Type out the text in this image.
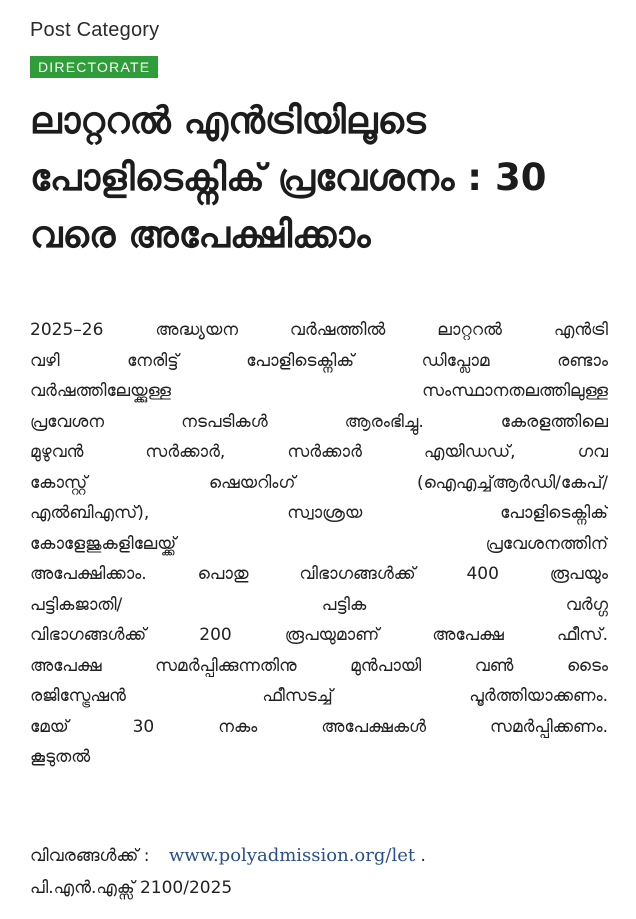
Post Category
DIRECTORATE
ലാറ്ററൽ എൻട്രിയിലൂടെ പോളിടെക്നിക് പ്രവേശനം : 30 വരെ അപേക്ഷിക്കാം
2025–26 അദ്ധ്യയന വർഷത്തിൽ ലാറ്ററൽ എൻട്രി
വഴി നേരിട്ട് പോളിടെക്നിക് ഡിപ്ലോമ രണ്ടാം
വർഷത്തിലേയ്ക്കുള്ള സംസ്ഥാനതലത്തിലുള്ള
പ്രവേശന നടപടികൾ ആരംഭിച്ചു. കേരളത്തിലെ
മുഴുവൻ സർക്കാർ, സർക്കാർ എയിഡഡ്, ഗവ
കോസ്റ്റ് ഷെയറിംഗ് (ഐഎച്ച്ആർഡി/കേപ്/
എൽബിഎസ്), സ്വാശ്രയ പോളിടെക്നിക്
കോളേജുകളിലേയ്ക്ക് പ്രവേശനത്തിന്
അപേക്ഷിക്കാം. പൊതു വിഭാഗങ്ങൾക്ക് 400 രൂപയും
പട്ടികജാതി/ പട്ടിക വർഗ്ഗ
വിഭാഗങ്ങൾക്ക് 200 രൂപയുമാണ് അപേക്ഷ ഫീസ്.
അപേക്ഷ സമർപ്പിക്കുന്നതിനു മുൻപായി വൺ ടൈം
രജിസ്ട്രേഷൻ ഫീസടച്ച് പൂർത്തിയാക്കണം.
മേയ് 30 നകം അപേക്ഷകൾ സമർപ്പിക്കണം.
കൂടുതൽ
വിവരങ്ങൾക്ക് : www.polyadmission.org/let .
പി.എൻ.എക്സ് 2100/2025
